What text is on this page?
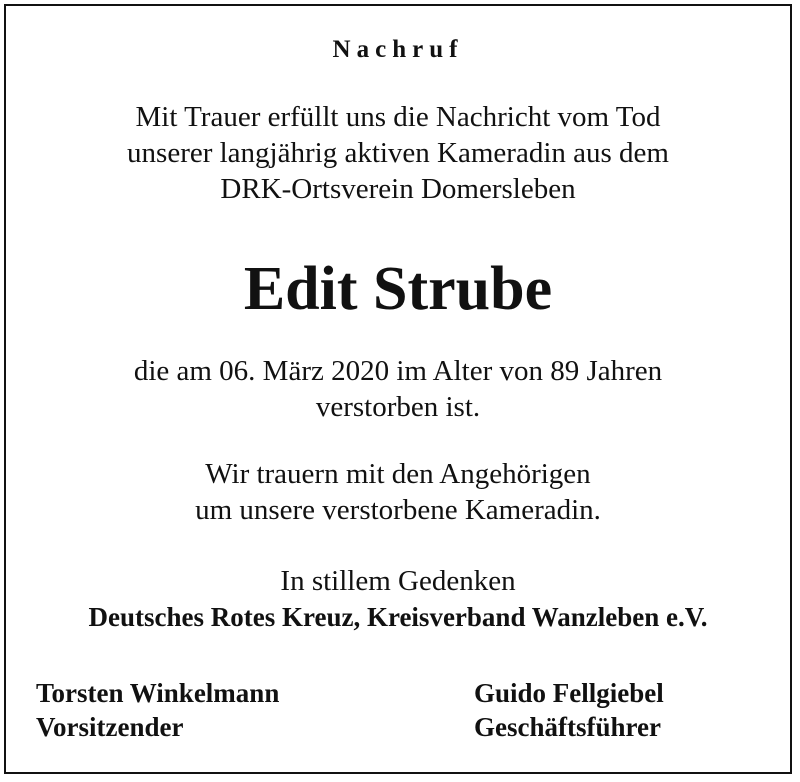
Nachruf
Mit Trauer erfüllt uns die Nachricht vom Tod
unserer langjährig aktiven Kameradin aus dem
DRK-Ortsverein Domersleben
Edit Strube
die am 06. März 2020 im Alter von 89 Jahren
verstorben ist.
Wir trauern mit den Angehörigen
um unsere verstorbene Kameradin.
In stillem Gedenken
Deutsches Rotes Kreuz, Kreisverband Wanzleben e.V.
Torsten Winkelmann
Vorsitzender
Guido Fellgiebel
Geschäftsführer
